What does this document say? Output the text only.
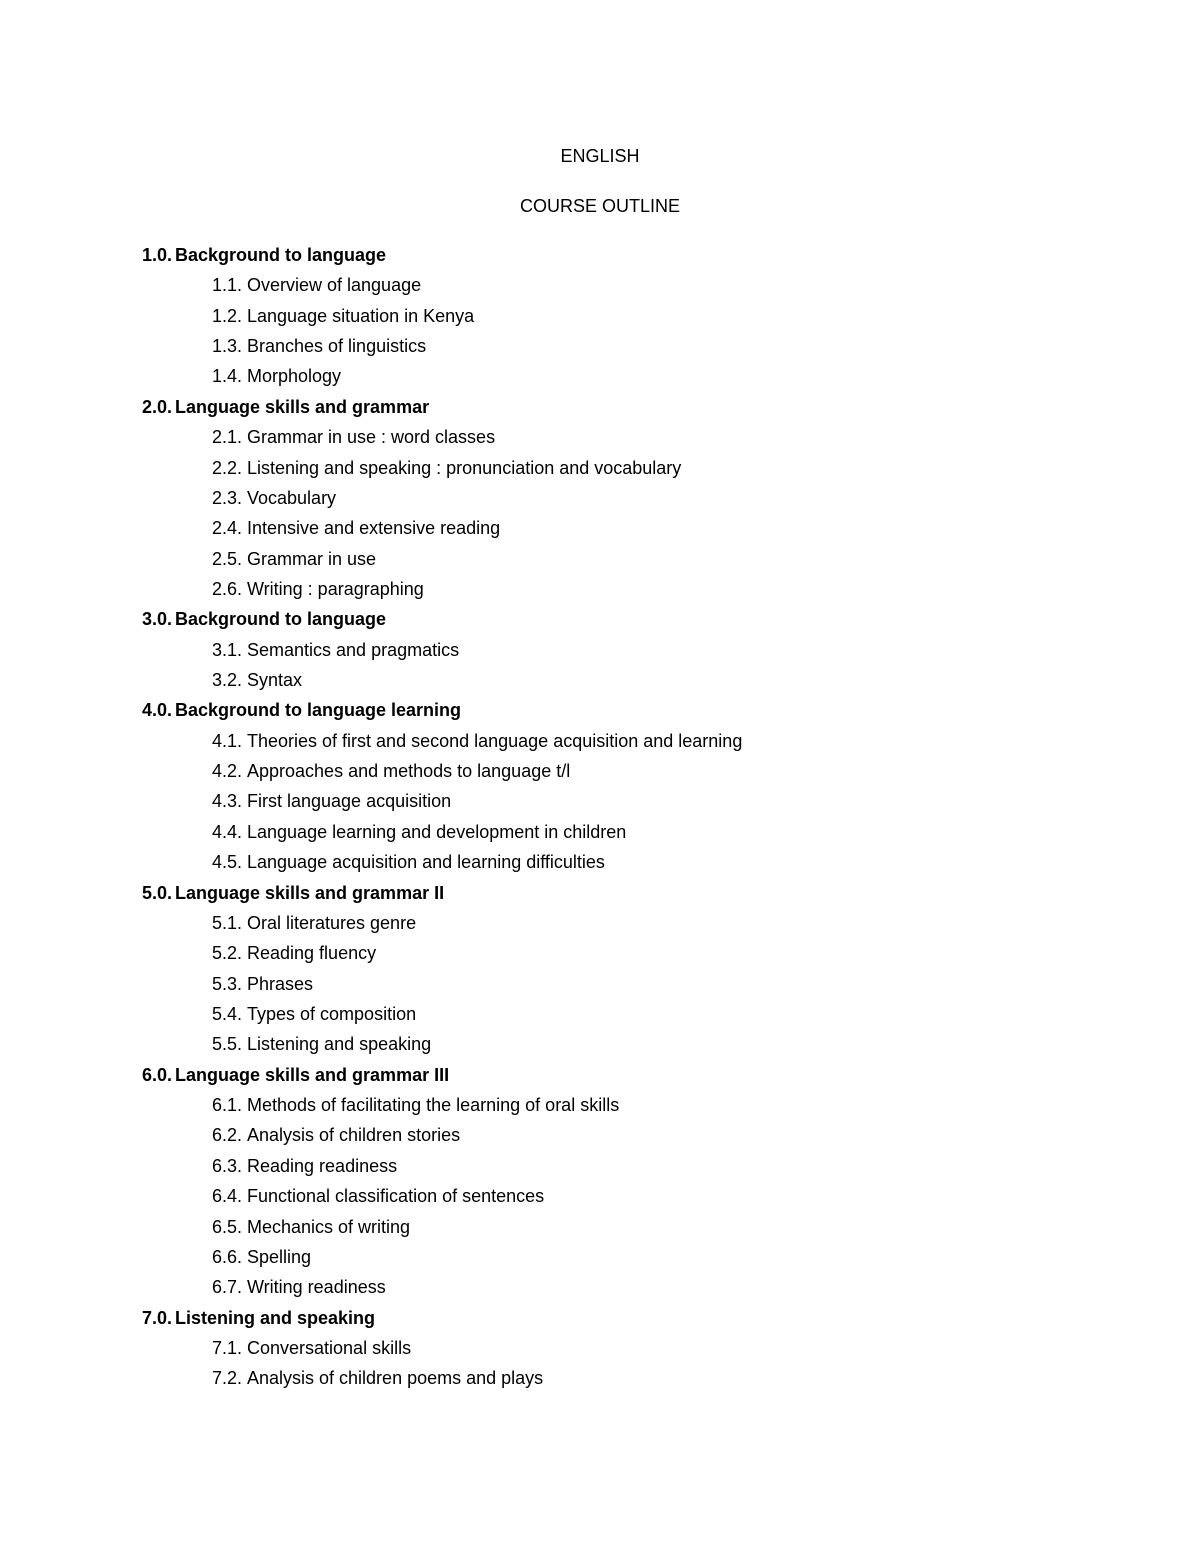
ENGLISH
COURSE OUTLINE
1.0. Background to language
1.1. Overview of language
1.2. Language situation in Kenya
1.3. Branches of linguistics
1.4. Morphology
2.0. Language skills and grammar
2.1. Grammar in use : word classes
2.2. Listening and speaking : pronunciation and vocabulary
2.3. Vocabulary
2.4. Intensive and extensive reading
2.5. Grammar in use
2.6. Writing : paragraphing
3.0. Background to language
3.1. Semantics and pragmatics
3.2. Syntax
4.0. Background to language learning
4.1. Theories of first and second language acquisition and learning
4.2. Approaches and methods to language t/l
4.3. First language acquisition
4.4. Language learning and development in children
4.5. Language acquisition and learning difficulties
5.0. Language skills and grammar II
5.1. Oral literatures genre
5.2. Reading fluency
5.3. Phrases
5.4. Types of composition
5.5. Listening and speaking
6.0. Language skills and grammar III
6.1. Methods of facilitating the learning of oral skills
6.2. Analysis of children stories
6.3. Reading readiness
6.4. Functional classification of sentences
6.5. Mechanics of writing
6.6. Spelling
6.7. Writing readiness
7.0. Listening and speaking
7.1. Conversational skills
7.2. Analysis of children poems and plays
